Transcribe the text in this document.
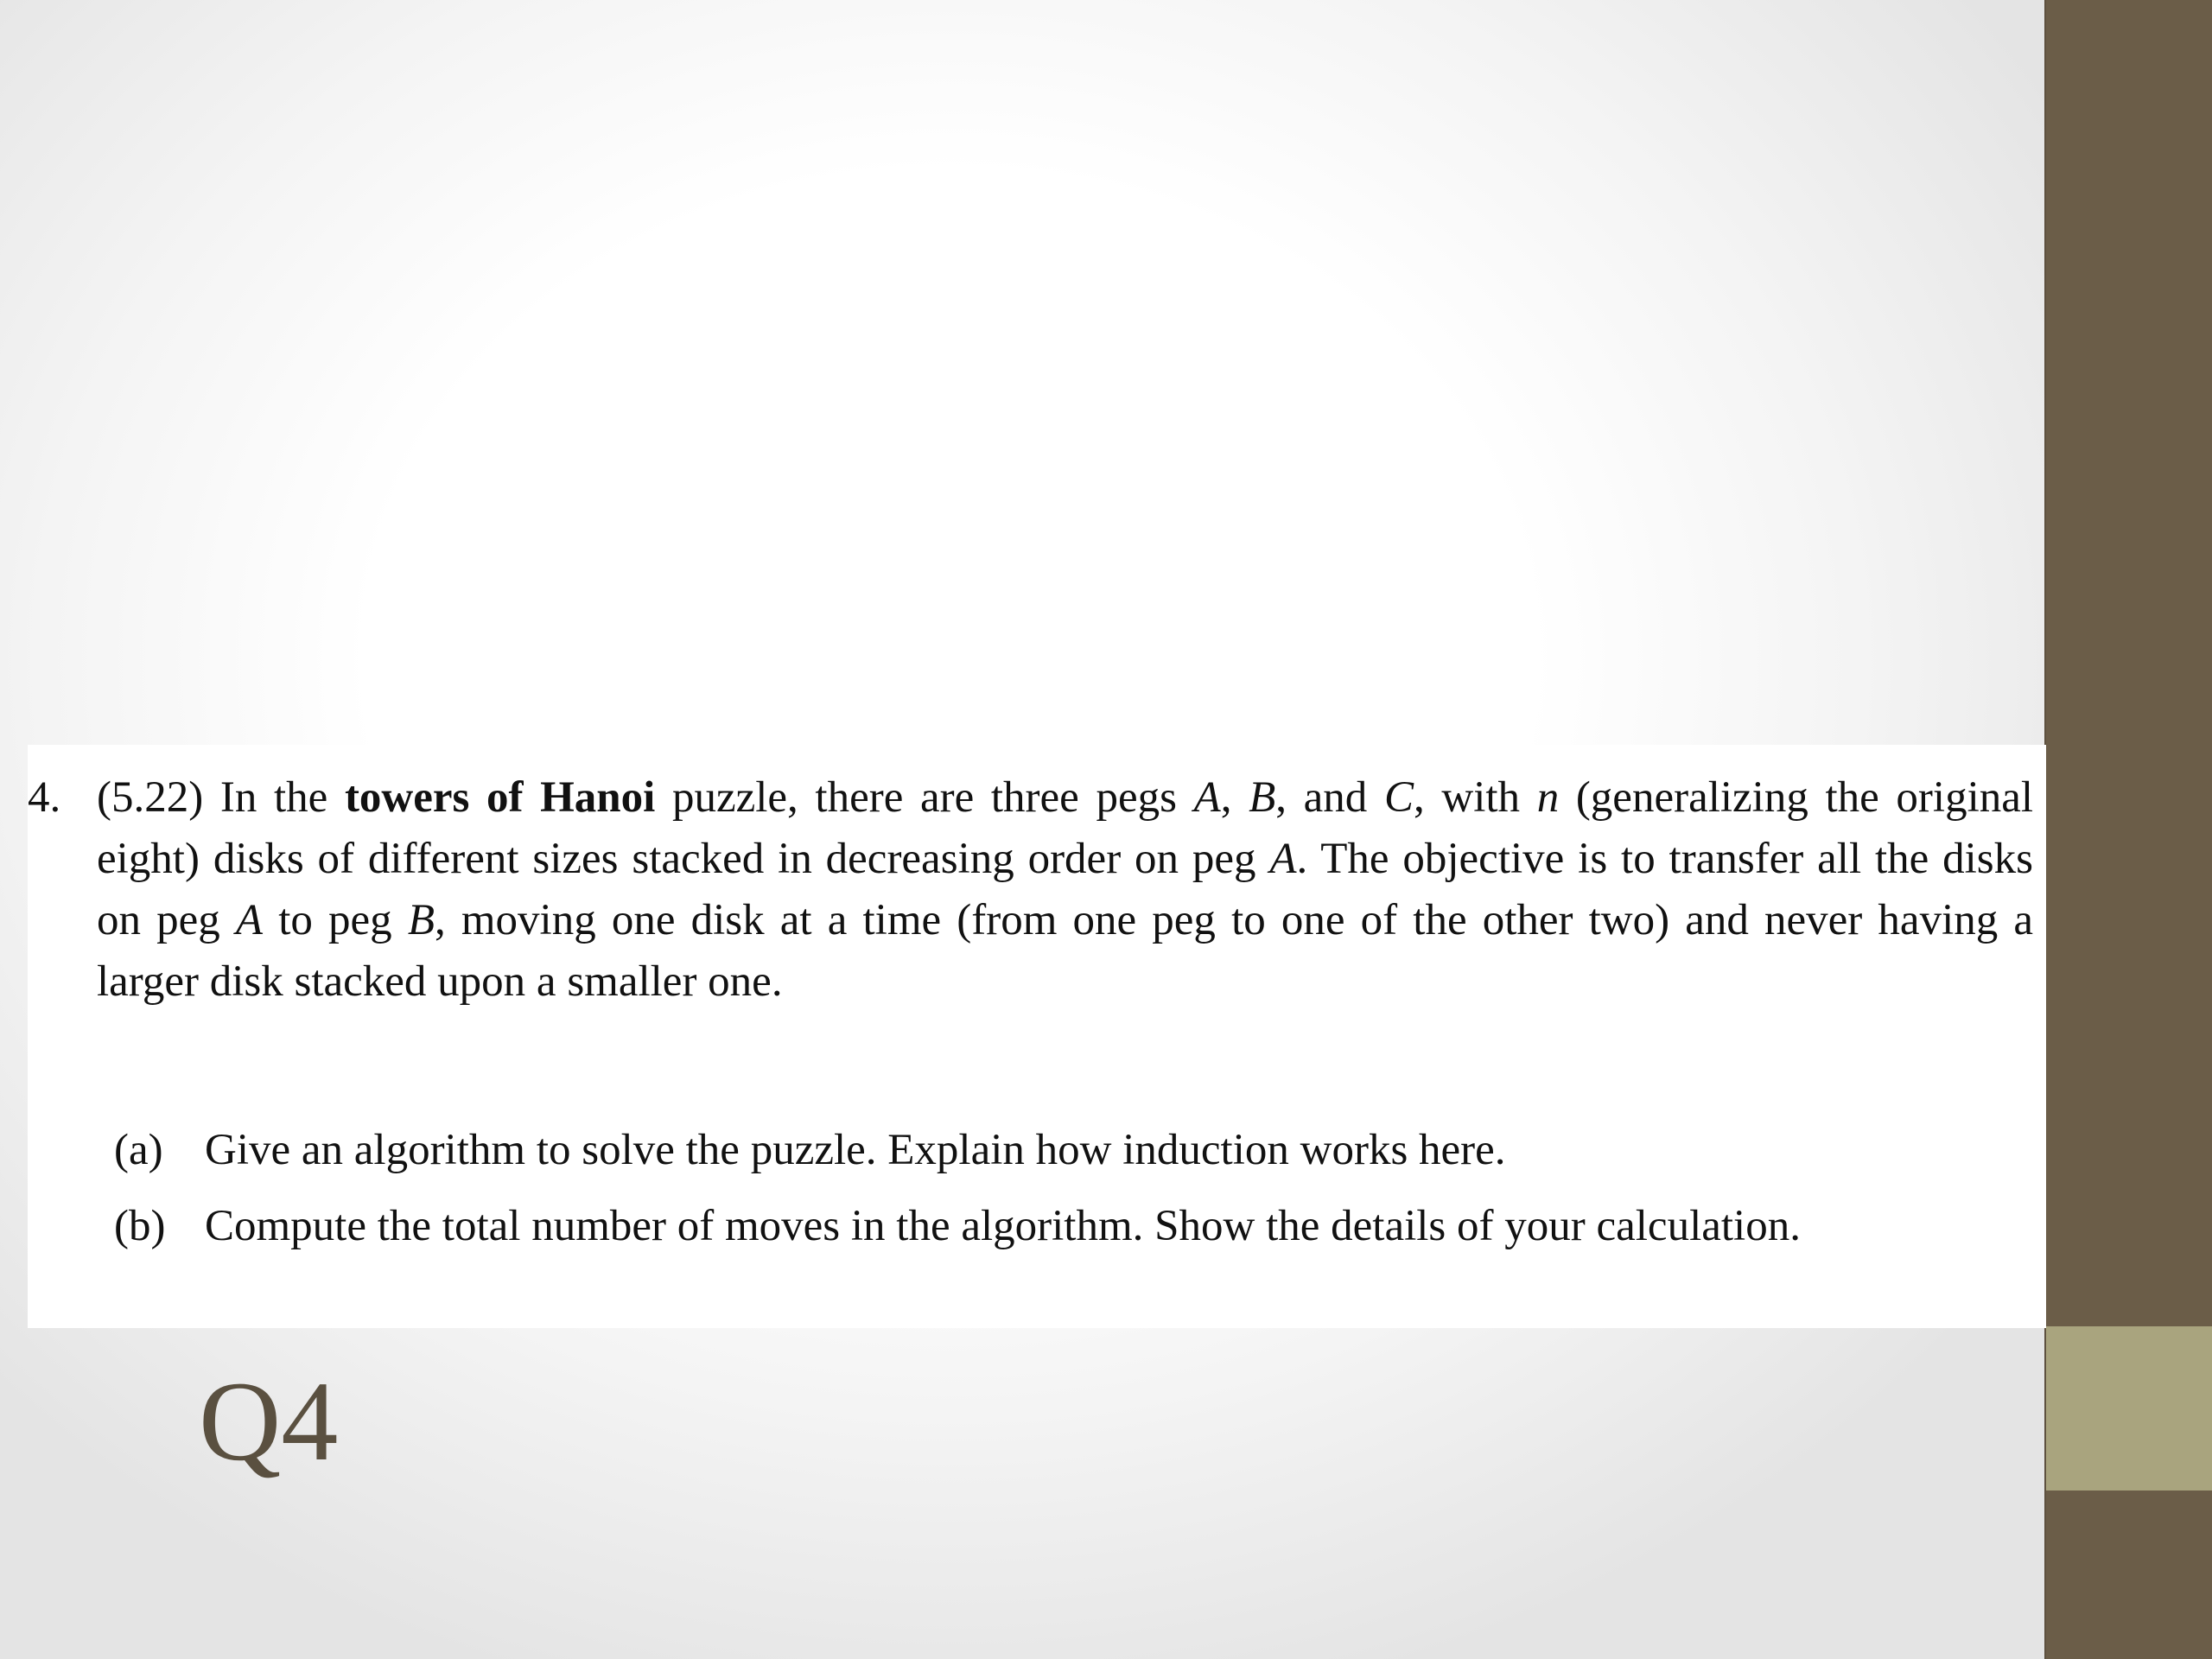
4. (5.22) In the towers of Hanoi puzzle, there are three pegs A, B, and C, with n (generalizing the original eight) disks of different sizes stacked in decreasing order on peg A. The objective is to transfer all the disks on peg A to peg B, moving one disk at a time (from one peg to one of the other two) and never having a larger disk stacked upon a smaller one.
(a) Give an algorithm to solve the puzzle. Explain how induction works here.
(b) Compute the total number of moves in the algorithm. Show the details of your calculation.
Q4
